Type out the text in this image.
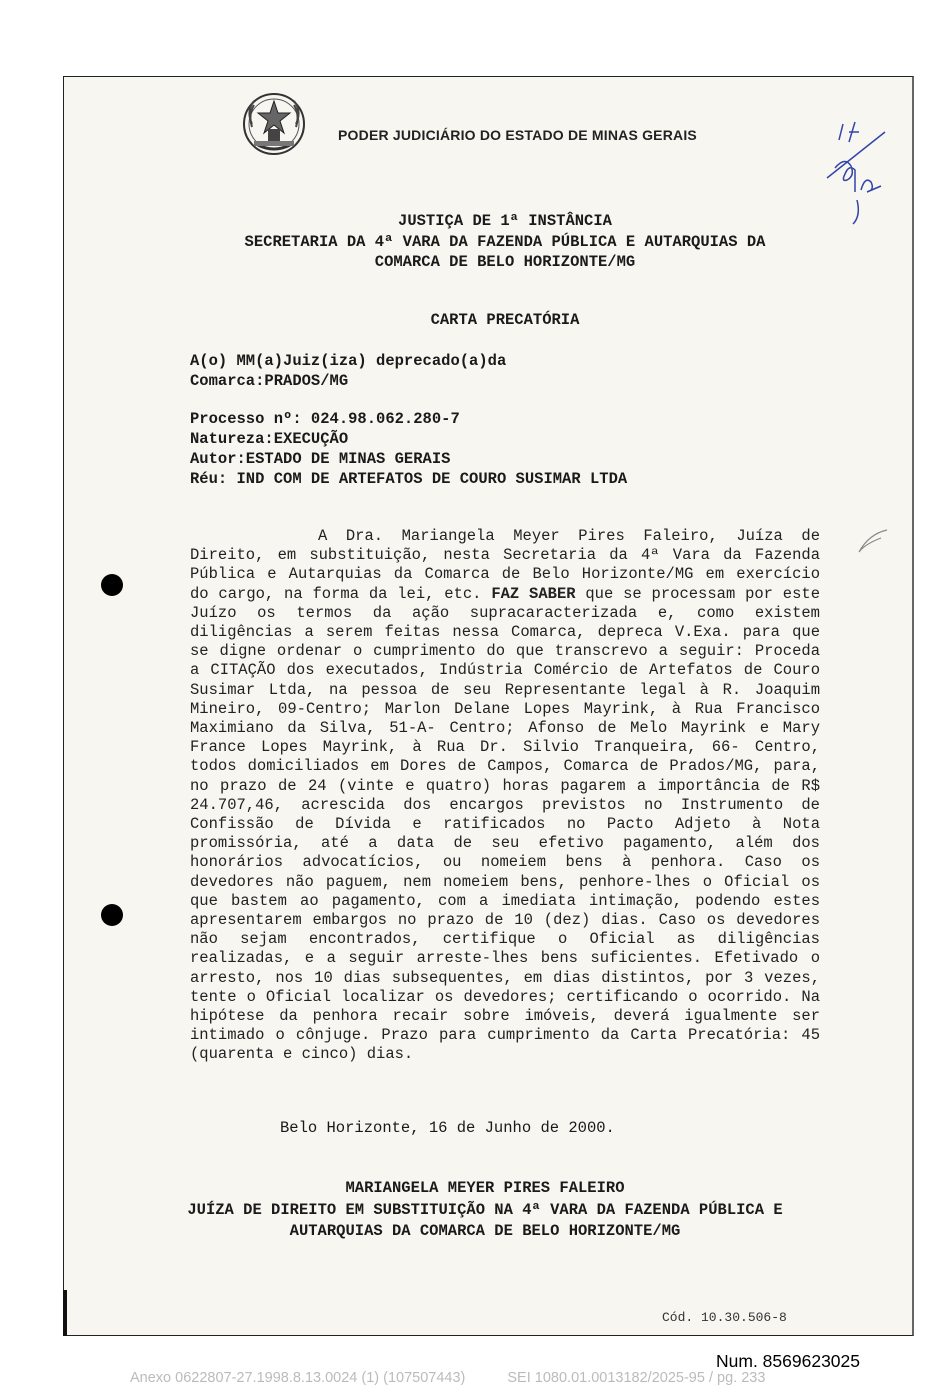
PODER JUDICIÁRIO DO ESTADO DE MINAS GERAIS
JUSTIÇA DE 1ª INSTÂNCIA
SECRETARIA DA 4ª VARA DA FAZENDA PÚBLICA E AUTARQUIAS DA
COMARCA DE BELO HORIZONTE/MG
CARTA PRECATÓRIA
A(o) MM(a)Juiz(iza) deprecado(a)da
Comarca:PRADOS/MG
Processo nº: 024.98.062.280-7
Natureza:EXECUÇÃO
Autor:ESTADO DE MINAS GERAIS
Réu: IND COM DE ARTEFATOS DE COURO SUSIMAR LTDA
A Dra. Mariangela Meyer Pires Faleiro, Juíza de Direito, em substituição, nesta Secretaria da 4ª Vara da Fazenda Pública e Autarquias da Comarca de Belo Horizonte/MG em exercício do cargo, na forma da lei, etc. FAZ SABER que se processam por este Juízo os termos da ação supracaracterizada e, como existem diligências a serem feitas nessa Comarca, depreca V.Exa. para que se digne ordenar o cumprimento do que transcrevo a seguir: Proceda a CITAÇÃO dos executados, Indústria Comércio de Artefatos de Couro Susimar Ltda, na pessoa de seu Representante legal à R. Joaquim Mineiro, 09-Centro; Marlon Delane Lopes Mayrink, à Rua Francisco Maximiano da Silva, 51-A- Centro; Afonso de Melo Mayrink e Mary France Lopes Mayrink, à Rua Dr. Silvio Tranqueira, 66- Centro, todos domiciliados em Dores de Campos, Comarca de Prados/MG, para, no prazo de 24 (vinte e quatro) horas pagarem a importância de R$ 24.707,46, acrescida dos encargos previstos no Instrumento de Confissão de Dívida e ratificados no Pacto Adjeto à Nota promissória, até a data de seu efetivo pagamento, além dos honorários advocatícios, ou nomeiem bens à penhora. Caso os devedores não paguem, nem nomeiem bens, penhore-lhes o Oficial os que bastem ao pagamento, com a imediata intimação, podendo estes apresentarem embargos no prazo de 10 (dez) dias. Caso os devedores não sejam encontrados, certifique o Oficial as diligências realizadas, e a seguir arreste-lhes bens suficientes. Efetivado o arresto, nos 10 dias subsequentes, em dias distintos, por 3 vezes, tente o Oficial localizar os devedores; certificando o ocorrido. Na hipótese da penhora recair sobre imóveis, deverá igualmente ser intimado o cônjuge. Prazo para cumprimento da Carta Precatória: 45 (quarenta e cinco) dias.
Belo Horizonte, 16 de Junho de 2000.
MARIANGELA MEYER PIRES FALEIRO
JUÍZA DE DIREITO EM SUBSTITUIÇÃO NA 4ª VARA DA FAZENDA PÚBLICA E
AUTARQUIAS DA COMARCA DE BELO HORIZONTE/MG
Cód. 10.30.506-8
Num. 8569623025
Anexo 0622807-27.1998.8.13.0024 (1) (107507443)	SEI 1080.01.0013182/2025-95 / pg. 233
